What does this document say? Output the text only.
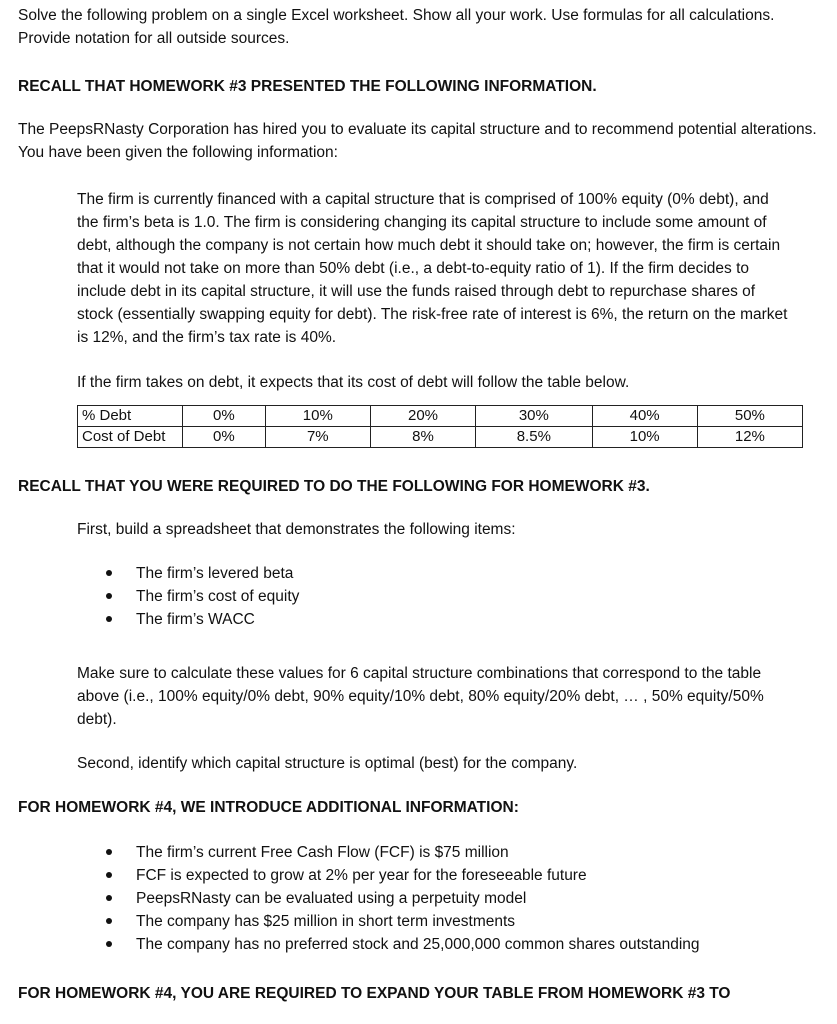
Solve the following problem on a single Excel worksheet. Show all your work. Use formulas for all calculations. Provide notation for all outside sources.

RECALL THAT HOMEWORK #3 PRESENTED THE FOLLOWING INFORMATION.

The PeepsRNasty Corporation has hired you to evaluate its capital structure and to recommend potential alterations. You have been given the following information:

The firm is currently financed with a capital structure that is comprised of 100% equity (0% debt), and the firm’s beta is 1.0. The firm is considering changing its capital structure to include some amount of debt, although the company is not certain how much debt it should take on; however, the firm is certain that it would not take on more than 50% debt (i.e., a debt-to-equity ratio of 1). If the firm decides to include debt in its capital structure, it will use the funds raised through debt to repurchase shares of stock (essentially swapping equity for debt). The risk-free rate of interest is 6%, the return on the market is 12%, and the firm’s tax rate is 40%.

If the firm takes on debt, it expects that its cost of debt will follow the table below.

% Debt	0%	10%	20%	30%	40%	50%
Cost of Debt	0%	7%	8%	8.5%	10%	12%

RECALL THAT YOU WERE REQUIRED TO DO THE FOLLOWING FOR HOMEWORK #3.

First, build a spreadsheet that demonstrates the following items:

The firm’s levered beta
The firm’s cost of equity
The firm’s WACC

Make sure to calculate these values for 6 capital structure combinations that correspond to the table above (i.e., 100% equity/0% debt, 90% equity/10% debt, 80% equity/20% debt, … , 50% equity/50% debt).

Second, identify which capital structure is optimal (best) for the company.

FOR HOMEWORK #4, WE INTRODUCE ADDITIONAL INFORMATION:

The firm’s current Free Cash Flow (FCF) is $75 million
FCF is expected to grow at 2% per year for the foreseeable future
PeepsRNasty can be evaluated using a perpetuity model
The company has $25 million in short term investments
The company has no preferred stock and 25,000,000 common shares outstanding

FOR HOMEWORK #4, YOU ARE REQUIRED TO EXPAND YOUR TABLE FROM HOMEWORK #3 TO
